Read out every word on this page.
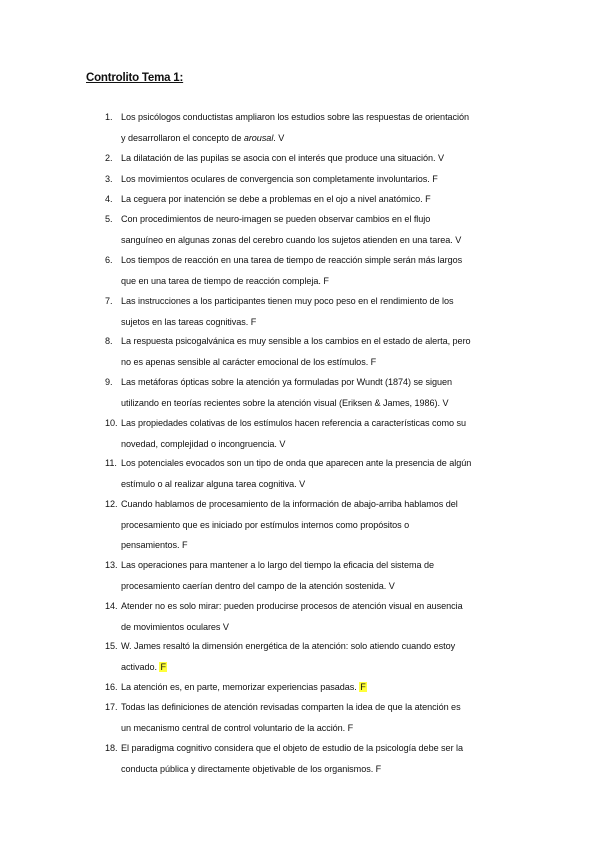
Controlito Tema 1:
1. Los psicólogos conductistas ampliaron los estudios sobre las respuestas de orientación
y desarrollaron el concepto de arousal. V
2. La dilatación de las pupilas se asocia con el interés que produce una situación. V
3. Los movimientos oculares de convergencia son completamente involuntarios. F
4. La ceguera por inatención se debe a problemas en el ojo a nivel anatómico. F
5. Con procedimientos de neuro-imagen se pueden observar cambios en el flujo
sanguíneo en algunas zonas del cerebro cuando los sujetos atienden en una tarea. V
6. Los tiempos de reacción en una tarea de tiempo de reacción simple serán más largos
que en una tarea de tiempo de reacción compleja. F
7. Las instrucciones a los participantes tienen muy poco peso en el rendimiento de los
sujetos en las tareas cognitivas. F
8. La respuesta psicogalvánica es muy sensible a los cambios en el estado de alerta, pero
no es apenas sensible al carácter emocional de los estímulos. F
9. Las metáforas ópticas sobre la atención ya formuladas por Wundt (1874) se siguen
utilizando en teorías recientes sobre la atención visual (Eriksen & James, 1986). V
10. Las propiedades colativas de los estímulos hacen referencia a características como su
novedad, complejidad o incongruencia. V
11. Los potenciales evocados son un tipo de onda que aparecen ante la presencia de algún
estímulo o al realizar alguna tarea cognitiva. V
12. Cuando hablamos de procesamiento de la información de abajo-arriba hablamos del
procesamiento que es iniciado por estímulos internos como propósitos o
pensamientos. F
13. Las operaciones para mantener a lo largo del tiempo la eficacia del sistema de
procesamiento caerían dentro del campo de la atención sostenida. V
14. Atender no es solo mirar: pueden producirse procesos de atención visual en ausencia
de movimientos oculares V
15. W. James resaltó la dimensión energética de la atención: solo atiendo cuando estoy
activado. F
16. La atención es, en parte, memorizar experiencias pasadas. F
17. Todas las definiciones de atención revisadas comparten la idea de que la atención es
un mecanismo central de control voluntario de la acción. F
18. El paradigma cognitivo considera que el objeto de estudio de la psicología debe ser la
conducta pública y directamente objetivable de los organismos. F
